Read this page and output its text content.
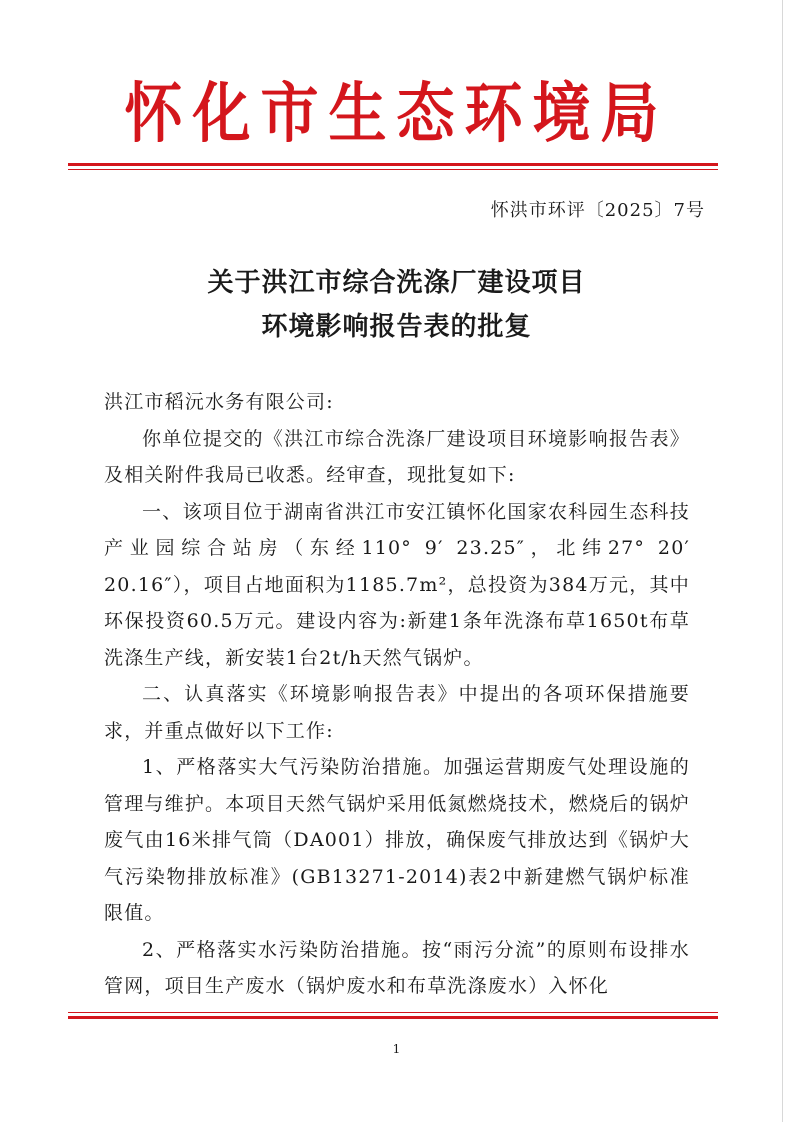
怀化市生态环境局
怀洪市环评〔2025〕7号
关于洪江市综合洗涤厂建设项目
环境影响报告表的批复

洪江市稻沅水务有限公司:

你单位提交的《洪江市综合洗涤厂建设项目环境影响报告表》及相关附件我局已收悉。经审查，现批复如下:

一、该项目位于湖南省洪江市安江镇怀化国家农科园生态科技产业园综合站房（东经110° 9′ 23.25″，北纬27° 20′ 20.16″），项目占地面积为1185.7m²，总投资为384万元，其中环保投资60.5万元。建设内容为:新建1条年洗涤布草1650t布草洗涤生产线，新安装1台2t/h天然气锅炉。

二、认真落实《环境影响报告表》中提出的各项环保措施要求，并重点做好以下工作:

1、严格落实大气污染防治措施。加强运营期废气处理设施的管理与维护。本项目天然气锅炉采用低氮燃烧技术，燃烧后的锅炉废气由16米排气筒（DA001）排放，确保废气排放达到《锅炉大气污染物排放标准》(GB13271-2014)表2中新建燃气锅炉标准限值。

2、严格落实水污染防治措施。按“雨污分流”的原则布设排水管网，项目生产废水（锅炉废水和布草洗涤废水）入怀化

1
